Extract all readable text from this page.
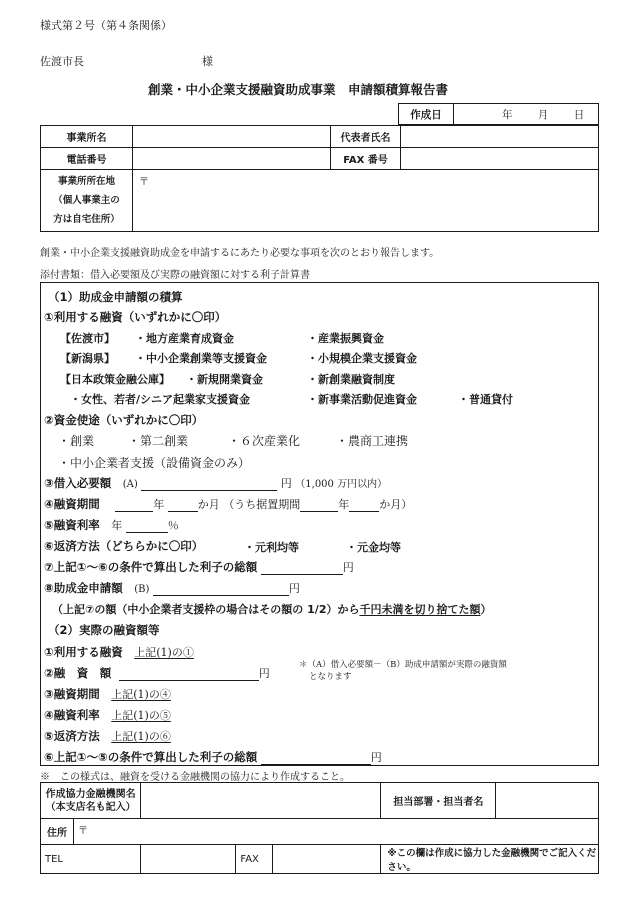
様式第２号（第４条関係）
佐渡市長	様
創業・中小企業支援融資助成事業　申請額積算報告書
作成日	年 月 日
事業所名		代表者氏名	
電話番号		FAX 番号	

事業所所在地
（個人事業主の
方は自宅住所）	〒		
創業・中小企業支援融資助成金を申請するにあたり必要な事項を次のとおり報告します。
添付書類：借入必要額及び実際の融資額に対する利子計算書
（1）助成金申請額の積算
①利用する融資（いずれかに〇印）
【佐渡市】 ・地方産業育成資金	・産業振興資金
【新潟県】 ・中小企業創業等支援資金	・小規模企業支援資金
【日本政策金融公庫】 ・新規開業資金	・新創業融資制度
・女性、若者/シニア起業家支援資金	・新事業活動促進資金	・普通貸付
②資金使途（いずれかに〇印）
・創業	・第二創業	・６次産業化	・農商工連携
・中小企業者支援（設備資金のみ）
③借入必要額 (A)	円 （1,000 万円以内）
④融資期間	年	か月 （うち据置期間	年	か月）
⑤融資利率 年	％
⑥返済方法（どちらかに〇印）	・元利均等	・元金均等
⑦上記①～⑥の条件で算出した利子の総額	円
⑧助成金申請額 (B)	円
（上記⑦の額（中小企業者支援枠の場合はその額の 1/2）から千円未満を切り捨てた額）
（2）実際の融資額等
①利用する融資 上記(1)の①
②融　資　額	円
＊（A）借入必要額－（B）助成申請額が実際の融資額
となります
③融資期間 上記(1)の④
④融資利率 上記(1)の⑤
⑤返済方法 上記(1)の⑥
⑥上記①～⑤の条件で算出した利子の総額	円
※　この様式は、融資を受ける金融機関の協力により作成すること。
作成協力金融機関名
（本支店名も記入）					担当部署・担当者名	
住所	〒					
TEL			FAX		※この欄は作成に協力した金融機関でご記入ください。	
